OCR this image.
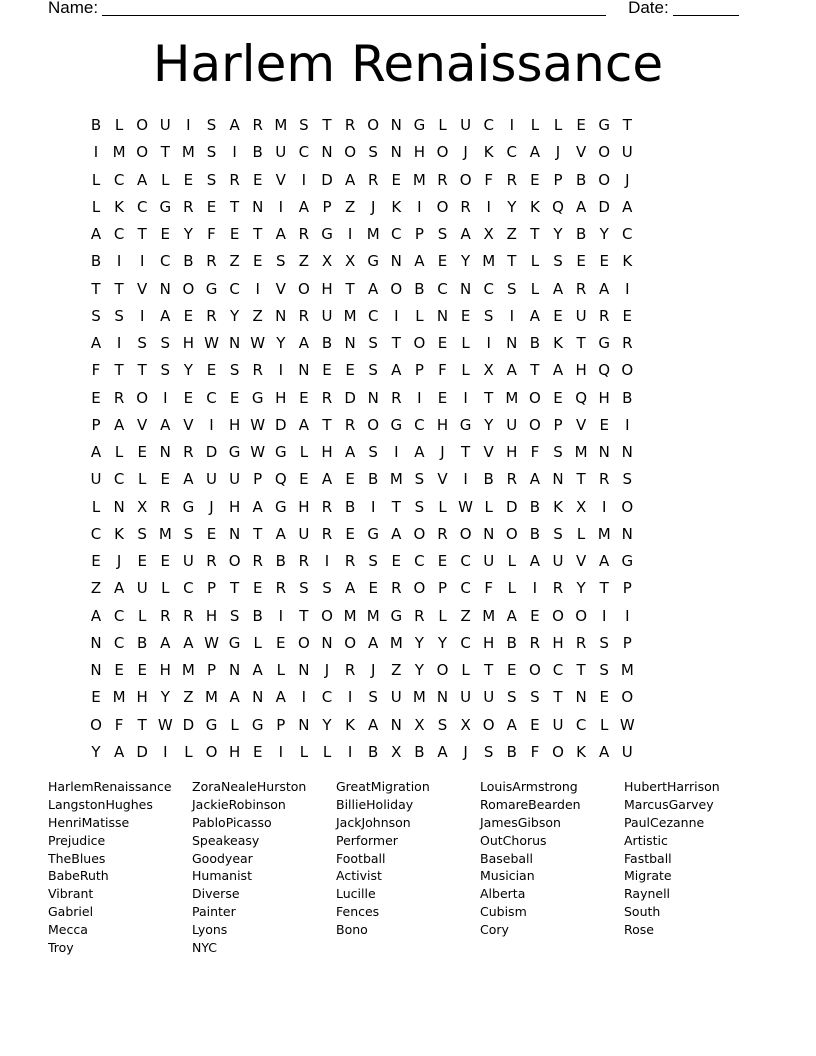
Name:	Date:
Harlem Renaissance
B L O U	I	S A R M S T R O N G L U C	I	L L E G T
I M O T M S	I	B U C N O S N H O J	K C A	J	V O U
L C A L E S R E V	I	D A R E M R O F R E P B O J
L K C G R E T N	I	A P Z	J	K	I O R	I	Y K Q A D A
A C T E Y F E T A R G	I M C P S A X Z T Y B Y C
B	I	I	C B R Z E S Z X X G N A E Y M T L S E E K
T T V N O G C	I	V O H T A O B C N C S L A R A	I
S S	I	A E R Y Z N R U M C	I	L N E S	I	A E U R E
A	I	S S H W N W Y A B N S T O E L	I	N B K T G R
F T T S Y E S R	I	N E E S A P F L X A T A H Q O
E R O I	E C E G H E R D N R	I	E	I	T M O E Q H B
P A V A V	I	H W D A T R O G C H G Y U O P V E	I
A L E N R D G W G L H A S	I	A	J	T V H F S M N N
U C L E A U U P Q E A E B M S V	I	B R A N T R S
L N X R G	J	H A G H R B	I	T S L W L D B K X	I O
C K S M S E N T A U R E G A O R O N O B S L M N
E	J	E E U R O R B R	I	R S E C E C U L A U V A G
Z A U L C P T E R S S A E R O P C F L	I	R Y T P
A C L R R H S B	I	T O M M G R L Z M A E O O I	I
N C B A A W G L E O N O A M Y Y C H B R H R S P
N E E H M P N A L N	J	R	J	Z Y O L T E O C T S M
E M H Y Z M A N A	I	C	I	S U M N U U S S T N E O
O F T W D G L G P N Y K A N X S X O A E U C L W
Y A D	I	L O H E	I	L L	I	B X B A	J	S B F O K A U
HarlemRenaissance
LangstonHughes
HenriMatisse
Prejudice
TheBlues
BabeRuth
Vibrant
Gabriel
Mecca
Troy
ZoraNealeHurston
JackieRobinson
PabloPicasso
Speakeasy
Goodyear
Humanist
Diverse
Painter
Lyons
NYC
GreatMigration
BillieHoliday
JackJohnson
Performer
Football
Activist
Lucille
Fences
Bono
LouisArmstrong
RomareBearden
JamesGibson
OutChorus
Baseball
Musician
Alberta
Cubism
Cory
HubertHarrison
MarcusGarvey
PaulCezanne
Artistic
Fastball
Migrate
Raynell
South
Rose
